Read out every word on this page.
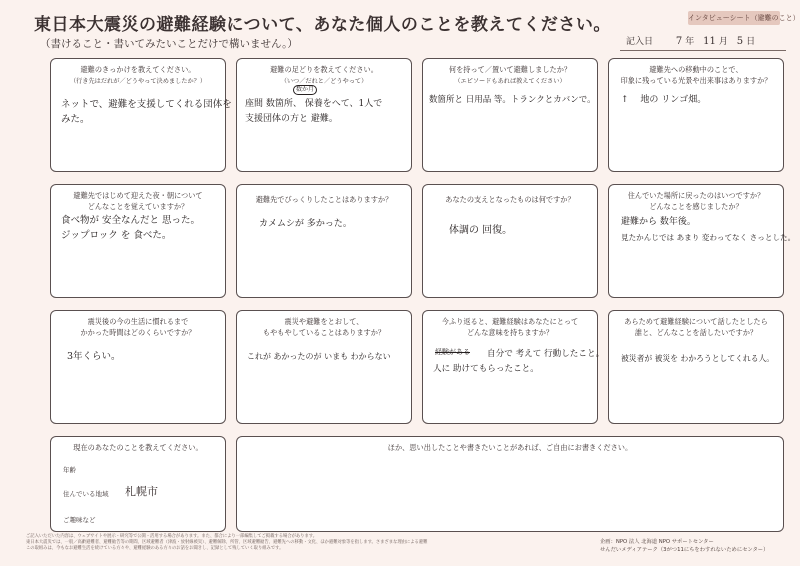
東日本大震災の避難経験について、あなた個人のことを教えてください。
（書けること・書いてみたいことだけで構いません。）
インタビューシート（避難のこと）
記入日 7 年 11 月 5 日
避難のきっかけを教えてください。
（行き先はだれが／どうやって決めましたか？）
ネットで、避難を支援してくれる団体を
みた。
避難の足どりを教えてください。
（いつ／だれと／どうやって）
数か月
座間 数箇所、 保養をへて、1人で
支援団体の方と 避難。
何を持って／置いて避難しましたか？
（エピソードもあれば教えてください）
数箇所と 日用品 等。トランクとカバンで。
避難先への移動中のことで、
印象に残っている光景や出来事はありますか？
↑ 　地の リンゴ畑。
避難先ではじめて迎えた夜・朝について
どんなことを覚えていますか？
食べ物が 安全なんだと 思った。
ジップロック を 食べた。
避難先でびっくりしたことはありますか？
カメムシが 多かった。
あなたの支えとなったものは何ですか？
体調の 回復。
住んでいた場所に戻ったのはいつですか？
どんなことを感じましたか？
避難から 数年後。
見たかんじでは あまり 変わってなく さっとした。
震災後の今の生活に慣れるまで
かかった時間はどのくらいですか？
3年くらい。
震災や避難をとおして、
もやもやしていることはありますか？
これが あかったのが いまも わからない
今ふり返ると、避難経験はあなたにとって
どんな意味を持ちますか？
経験がある 自分で 考えて 行動したこと。
人に 助けてもらったこと。
あらためて避難経験について話したとしたら
誰と、どんなことを話したいですか？
被災者が 被災を わかろうとしてくれる人。
現在のあなたのことを教えてください。
年齢
住んでいる地域 札幌市
ご趣味など
ほか、思い出したことや書きたいことがあれば、ご自由にお書きください。
ご記入いただいた内容は、ウェブサイトや展示・研究等で公開・活用する場合があります。また、都合により一部編集してご掲載する場合があります。
東日本大震災では、一般／高齢避難者、避難勧告等の期間、区域避難者（津波・放射線被災）、避難解除、所管、区域避難勧告、避難先への移動・文化、ほか避難対象等を指します。さまざまな理由による避難
この取組みは、今もなお避難生活を続けている方々や、避難経験のある方々のお話をお聞きし、記録として残していく取り組みです。
企画：NPO 法人 北海道 NPO サポートセンター
せんだいメディアテーク（3がつ11にちをわすれないためにセンター）
